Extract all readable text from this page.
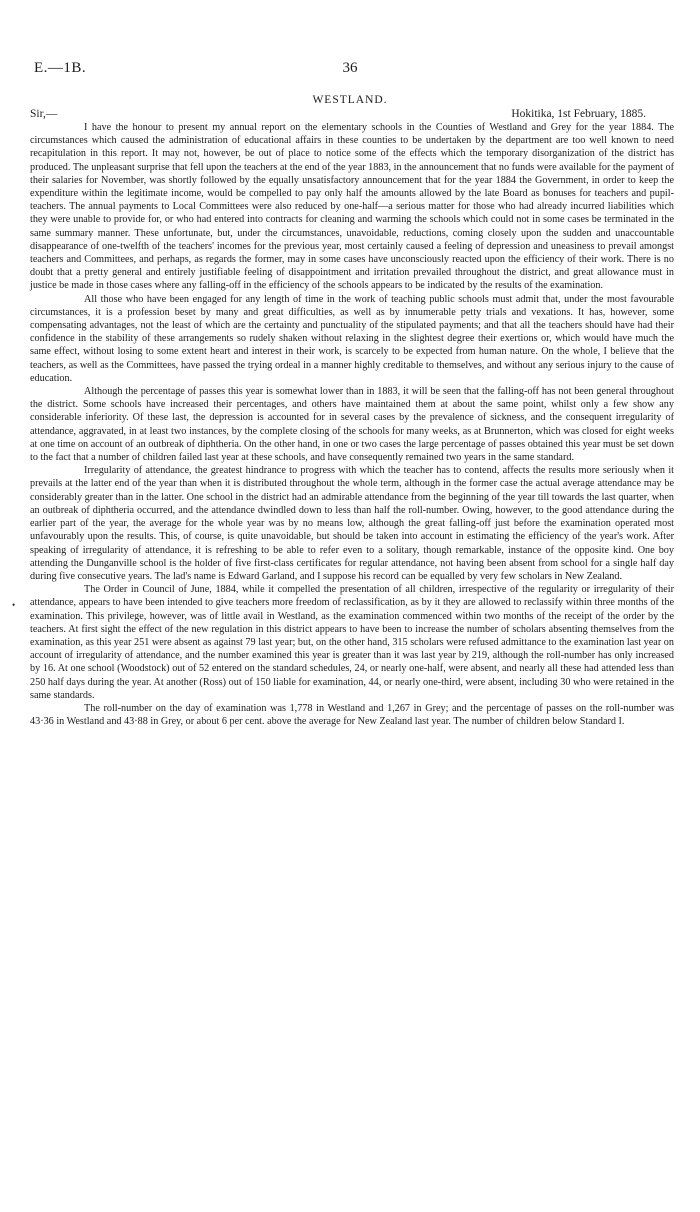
E.—1B.	36
WESTLAND.
Sir,—	Hokitika, 1st February, 1885.
•

I have the honour to present my annual report on the elementary schools in the Counties of Westland and Grey for the year 1884. The circumstances which caused the administration of educational affairs in these counties to be undertaken by the department are too well known to need recapitulation in this report. It may not, however, be out of place to notice some of the effects which the temporary disorganization of the district has produced. The unpleasant surprise that fell upon the teachers at the end of the year 1883, in the announcement that no funds were available for the payment of their salaries for November, was shortly followed by the equally unsatisfactory announcement that for the year 1884 the Government, in order to keep the expenditure within the legitimate income, would be compelled to pay only half the amounts allowed by the late Board as bonuses for teachers and pupil-teachers. The annual payments to Local Committees were also reduced by one-half—a serious matter for those who had already incurred liabilities which they were unable to provide for, or who had entered into contracts for cleaning and warming the schools which could not in some cases be terminated in the same summary manner. These unfortunate, but, under the circumstances, unavoidable, reductions, coming closely upon the sudden and unaccountable disappearance of one-twelfth of the teachers' incomes for the previous year, most certainly caused a feeling of depression and uneasiness to prevail amongst teachers and Committees, and perhaps, as regards the former, may in some cases have unconsciously reacted upon the efficiency of their work. There is no doubt that a pretty general and entirely justifiable feeling of disappointment and irritation prevailed throughout the district, and great allowance must in justice be made in those cases where any falling-off in the efficiency of the schools appears to be indicated by the results of the examination.

All those who have been engaged for any length of time in the work of teaching public schools must admit that, under the most favourable circumstances, it is a profession beset by many and great difficulties, as well as by innumerable petty trials and vexations. It has, however, some compensating advantages, not the least of which are the certainty and punctuality of the stipulated payments; and that all the teachers should have had their confidence in the stability of these arrangements so rudely shaken without relaxing in the slightest degree their exertions or, which would have much the same effect, without losing to some extent heart and interest in their work, is scarcely to be expected from human nature. On the whole, I believe that the teachers, as well as the Committees, have passed the trying ordeal in a manner highly creditable to themselves, and without any serious injury to the cause of education.

Although the percentage of passes this year is somewhat lower than in 1883, it will be seen that the falling-off has not been general throughout the district. Some schools have increased their percentages, and others have maintained them at about the same point, whilst only a few show any considerable inferiority. Of these last, the depression is accounted for in several cases by the prevalence of sickness, and the consequent irregularity of attendance, aggravated, in at least two instances, by the complete closing of the schools for many weeks, as at Brunnerton, which was closed for eight weeks at one time on account of an outbreak of diphtheria. On the other hand, in one or two cases the large percentage of passes obtained this year must be set down to the fact that a number of children failed last year at these schools, and have consequently remained two years in the same standard.

Irregularity of attendance, the greatest hindrance to progress with which the teacher has to contend, affects the results more seriously when it prevails at the latter end of the year than when it is distributed throughout the whole term, although in the former case the actual average attendance may be considerably greater than in the latter. One school in the district had an admirable attendance from the beginning of the year till towards the last quarter, when an outbreak of diphtheria occurred, and the attendance dwindled down to less than half the roll-number. Owing, however, to the good attendance during the earlier part of the year, the average for the whole year was by no means low, although the great falling-off just before the examination operated most unfavourably upon the results. This, of course, is quite unavoidable, but should be taken into account in estimating the efficiency of the year's work. After speaking of irregularity of attendance, it is refreshing to be able to refer even to a solitary, though remarkable, instance of the opposite kind. One boy attending the Dunganville school is the holder of five first-class certificates for regular attendance, not having been absent from school for a single half day during five consecutive years. The lad's name is Edward Garland, and I suppose his record can be equalled by very few scholars in New Zealand.

The Order in Council of June, 1884, while it compelled the presentation of all children, irrespective of the regularity or irregularity of their attendance, appears to have been intended to give teachers more freedom of reclassification, as by it they are allowed to reclassify within three months of the examination. This privilege, however, was of little avail in Westland, as the examination commenced within two months of the receipt of the order by the teachers. At first sight the effect of the new regulation in this district appears to have been to increase the number of scholars absenting themselves from the examination, as this year 251 were absent as against 79 last year; but, on the other hand, 315 scholars were refused admittance to the examination last year on account of irregularity of attendance, and the number examined this year is greater than it was last year by 219, although the roll-number has only increased by 16. At one school (Woodstock) out of 52 entered on the standard schedules, 24, or nearly one-half, were absent, and nearly all these had attended less than 250 half days during the year. At another (Ross) out of 150 liable for examination, 44, or nearly one-third, were absent, including 30 who were retained in the same standards.

The roll-number on the day of examination was 1,778 in Westland and 1,267 in Grey; and the percentage of passes on the roll-number was 43·36 in Westland and 43·88 in Grey, or about 6 per cent. above the average for New Zealand last year. The number of children below Standard I.
